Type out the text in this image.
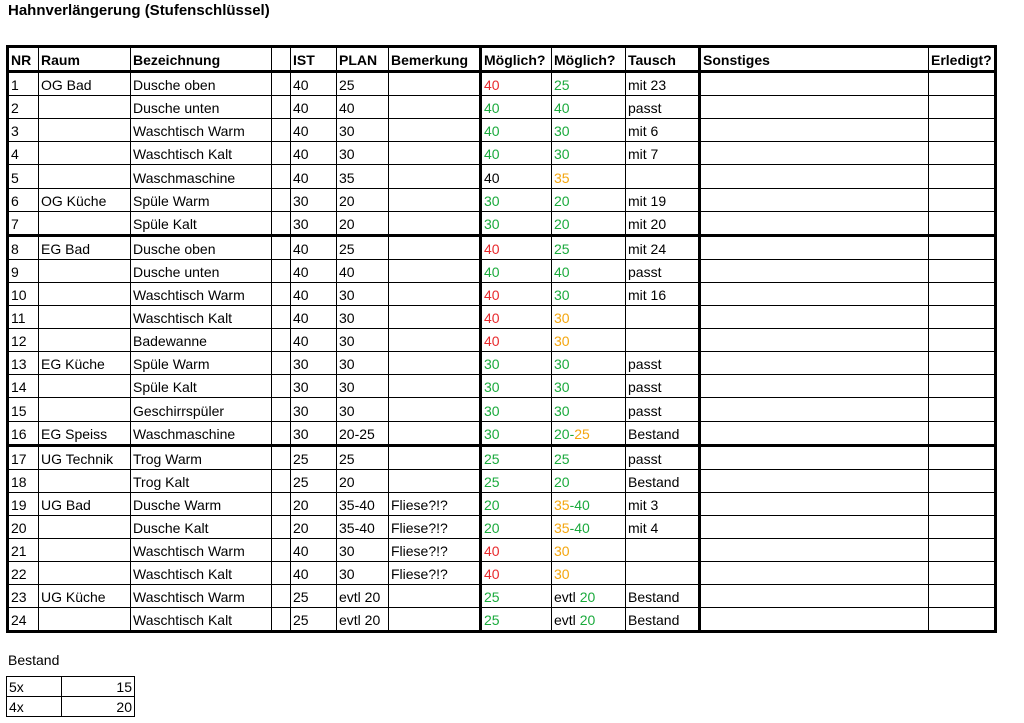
Hahnverlängerung (Stufenschlüssel)
NR	Raum	Bezeichnung		IST	PLAN	Bemerkung	Möglich?	Möglich?	Tausch	Sonstiges	Erledigt?
1	OG Bad	Dusche oben		40	25		40	25	mit 23		
2		Dusche unten		40	40		40	40	passt		
3		Waschtisch Warm		40	30		40	30	mit 6		
4		Waschtisch Kalt		40	30		40	30	mit 7		
5		Waschmaschine		40	35		40	35			
6	OG Küche	Spüle Warm		30	20		30	20	mit 19		
7		Spüle Kalt		30	20		30	20	mit 20		
8	EG Bad	Dusche oben		40	25		40	25	mit 24		
9		Dusche unten		40	40		40	40	passt		
10		Waschtisch Warm		40	30		40	30	mit 16		
11		Waschtisch Kalt		40	30		40	30			
12		Badewanne		40	30		40	30			
13	EG Küche	Spüle Warm		30	30		30	30	passt		
14		Spüle Kalt		30	30		30	30	passt		
15		Geschirrspüler		30	30		30	30	passt		
16	EG Speiss	Waschmaschine		30	20-25		30	20-25	Bestand		
17	UG Technik	Trog Warm		25	25		25	25	passt		
18		Trog Kalt		25	20		25	20	Bestand		
19	UG Bad	Dusche Warm		20	35-40	Fliese?!?	20	35-40	mit 3		
20		Dusche Kalt		20	35-40	Fliese?!?	20	35-40	mit 4		
21		Waschtisch Warm		40	30	Fliese?!?	40	30			
22		Waschtisch Kalt		40	30	Fliese?!?	40	30			
23	UG Küche	Waschtisch Warm		25	evtl 20		25	evtl 20	Bestand		
24		Waschtisch Kalt		25	evtl 20		25	evtl 20	Bestand		
Bestand
5x	15
4x	20
